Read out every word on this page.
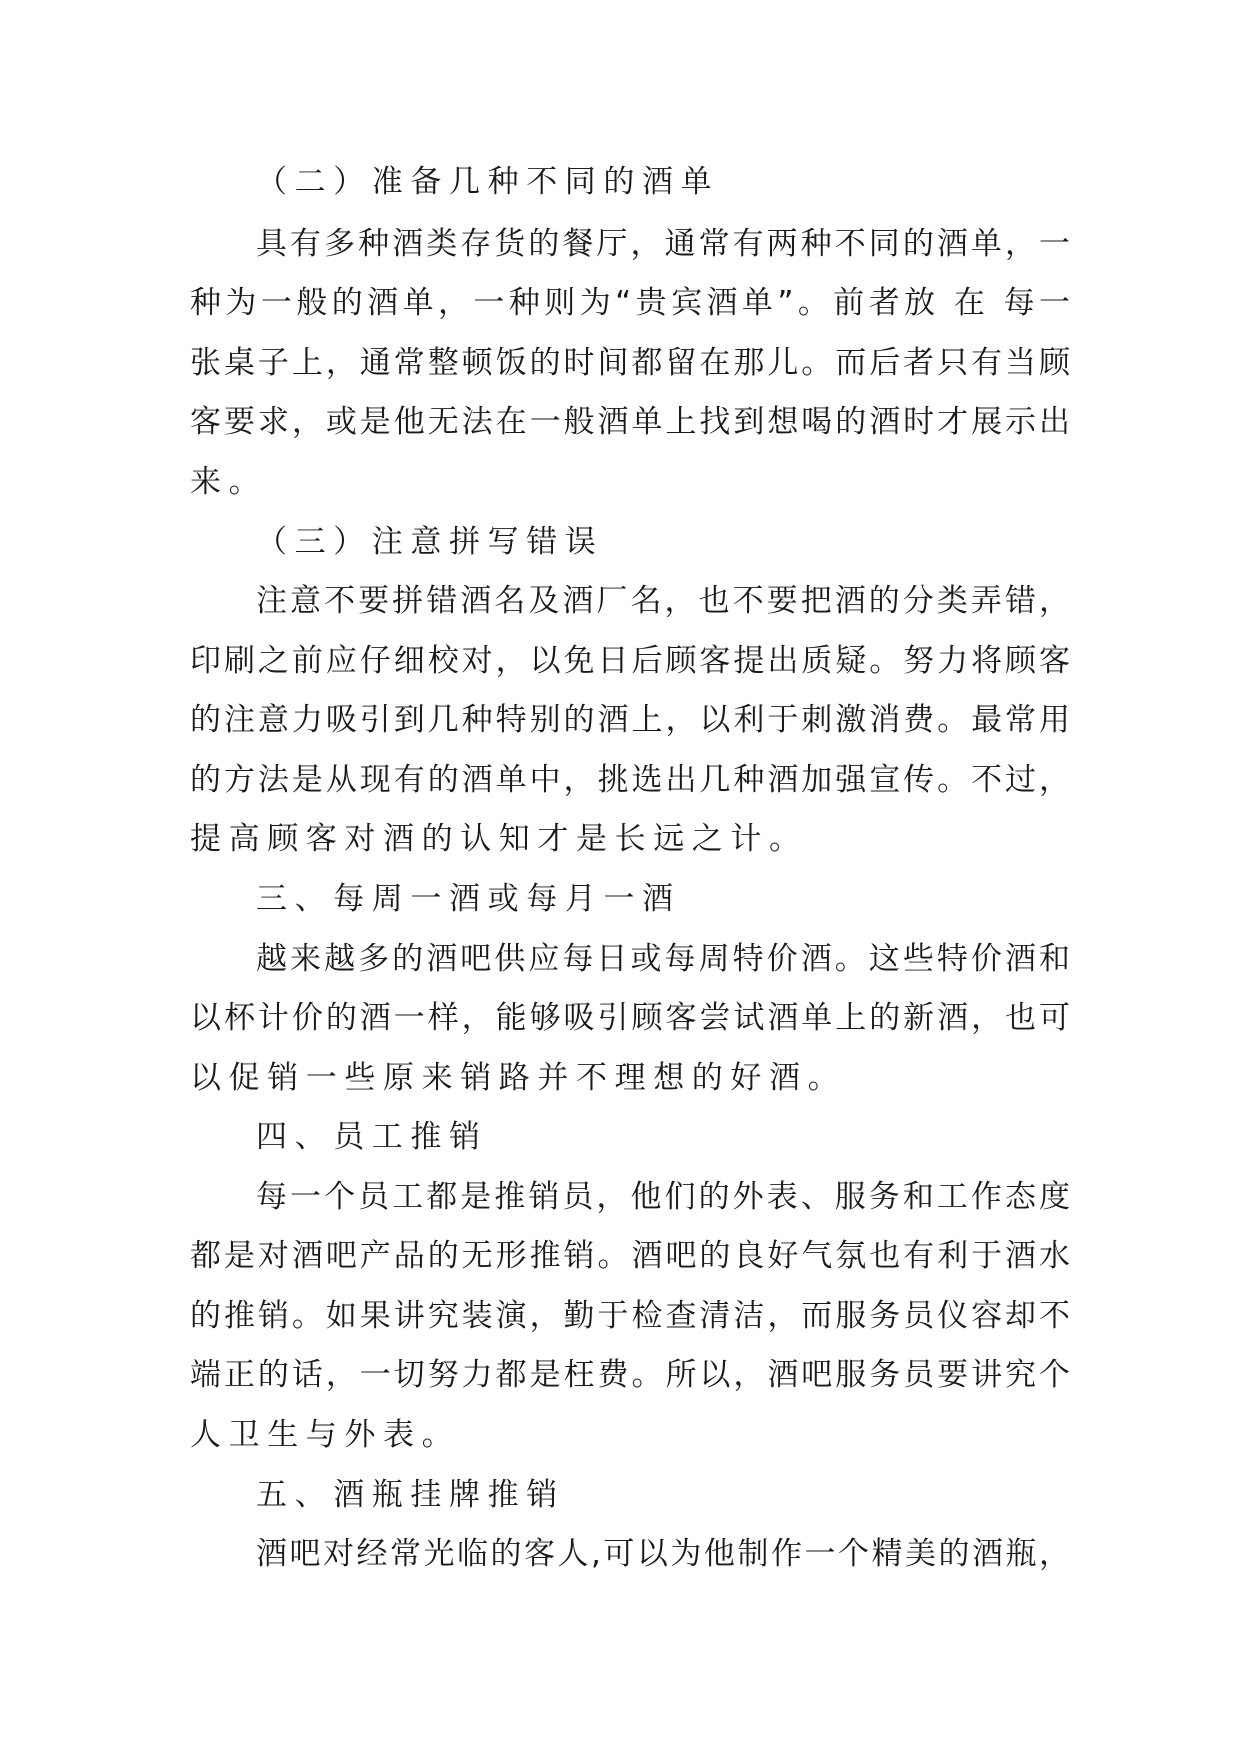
（二）准备几种不同的酒单
具有多种酒类存货的餐厅，通常有两种不同的酒单，一
种为一般的酒单，一种则为“贵宾酒单”。前者放 在 每一
张桌子上，通常整顿饭的时间都留在那儿。而后者只有当顾
客要求，或是他无法在一般酒单上找到想喝的酒时才展示出
来。
（三）注意拼写错误
注意不要拼错酒名及酒厂名，也不要把酒的分类弄错，
印刷之前应仔细校对，以免日后顾客提出质疑。努力将顾客
的注意力吸引到几种特别的酒上，以利于刺激消费。最常用
的方法是从现有的酒单中，挑选出几种酒加强宣传。不过，
提高顾客对酒的认知才是长远之计。
三、每周一酒或每月一酒
越来越多的酒吧供应每日或每周特价酒。这些特价酒和
以杯计价的酒一样，能够吸引顾客尝试酒单上的新酒，也可
以促销一些原来销路并不理想的好酒。
四、员工推销
每一个员工都是推销员，他们的外表、服务和工作态度
都是对酒吧产品的无形推销。酒吧的良好气氛也有利于酒水
的推销。如果讲究装演，勤于检查清洁，而服务员仪容却不
端正的话，一切努力都是枉费。所以，酒吧服务员要讲究个
人卫生与外表。
五、酒瓶挂牌推销
酒吧对经常光临的客人,可以为他制作一个精美的酒瓶，
